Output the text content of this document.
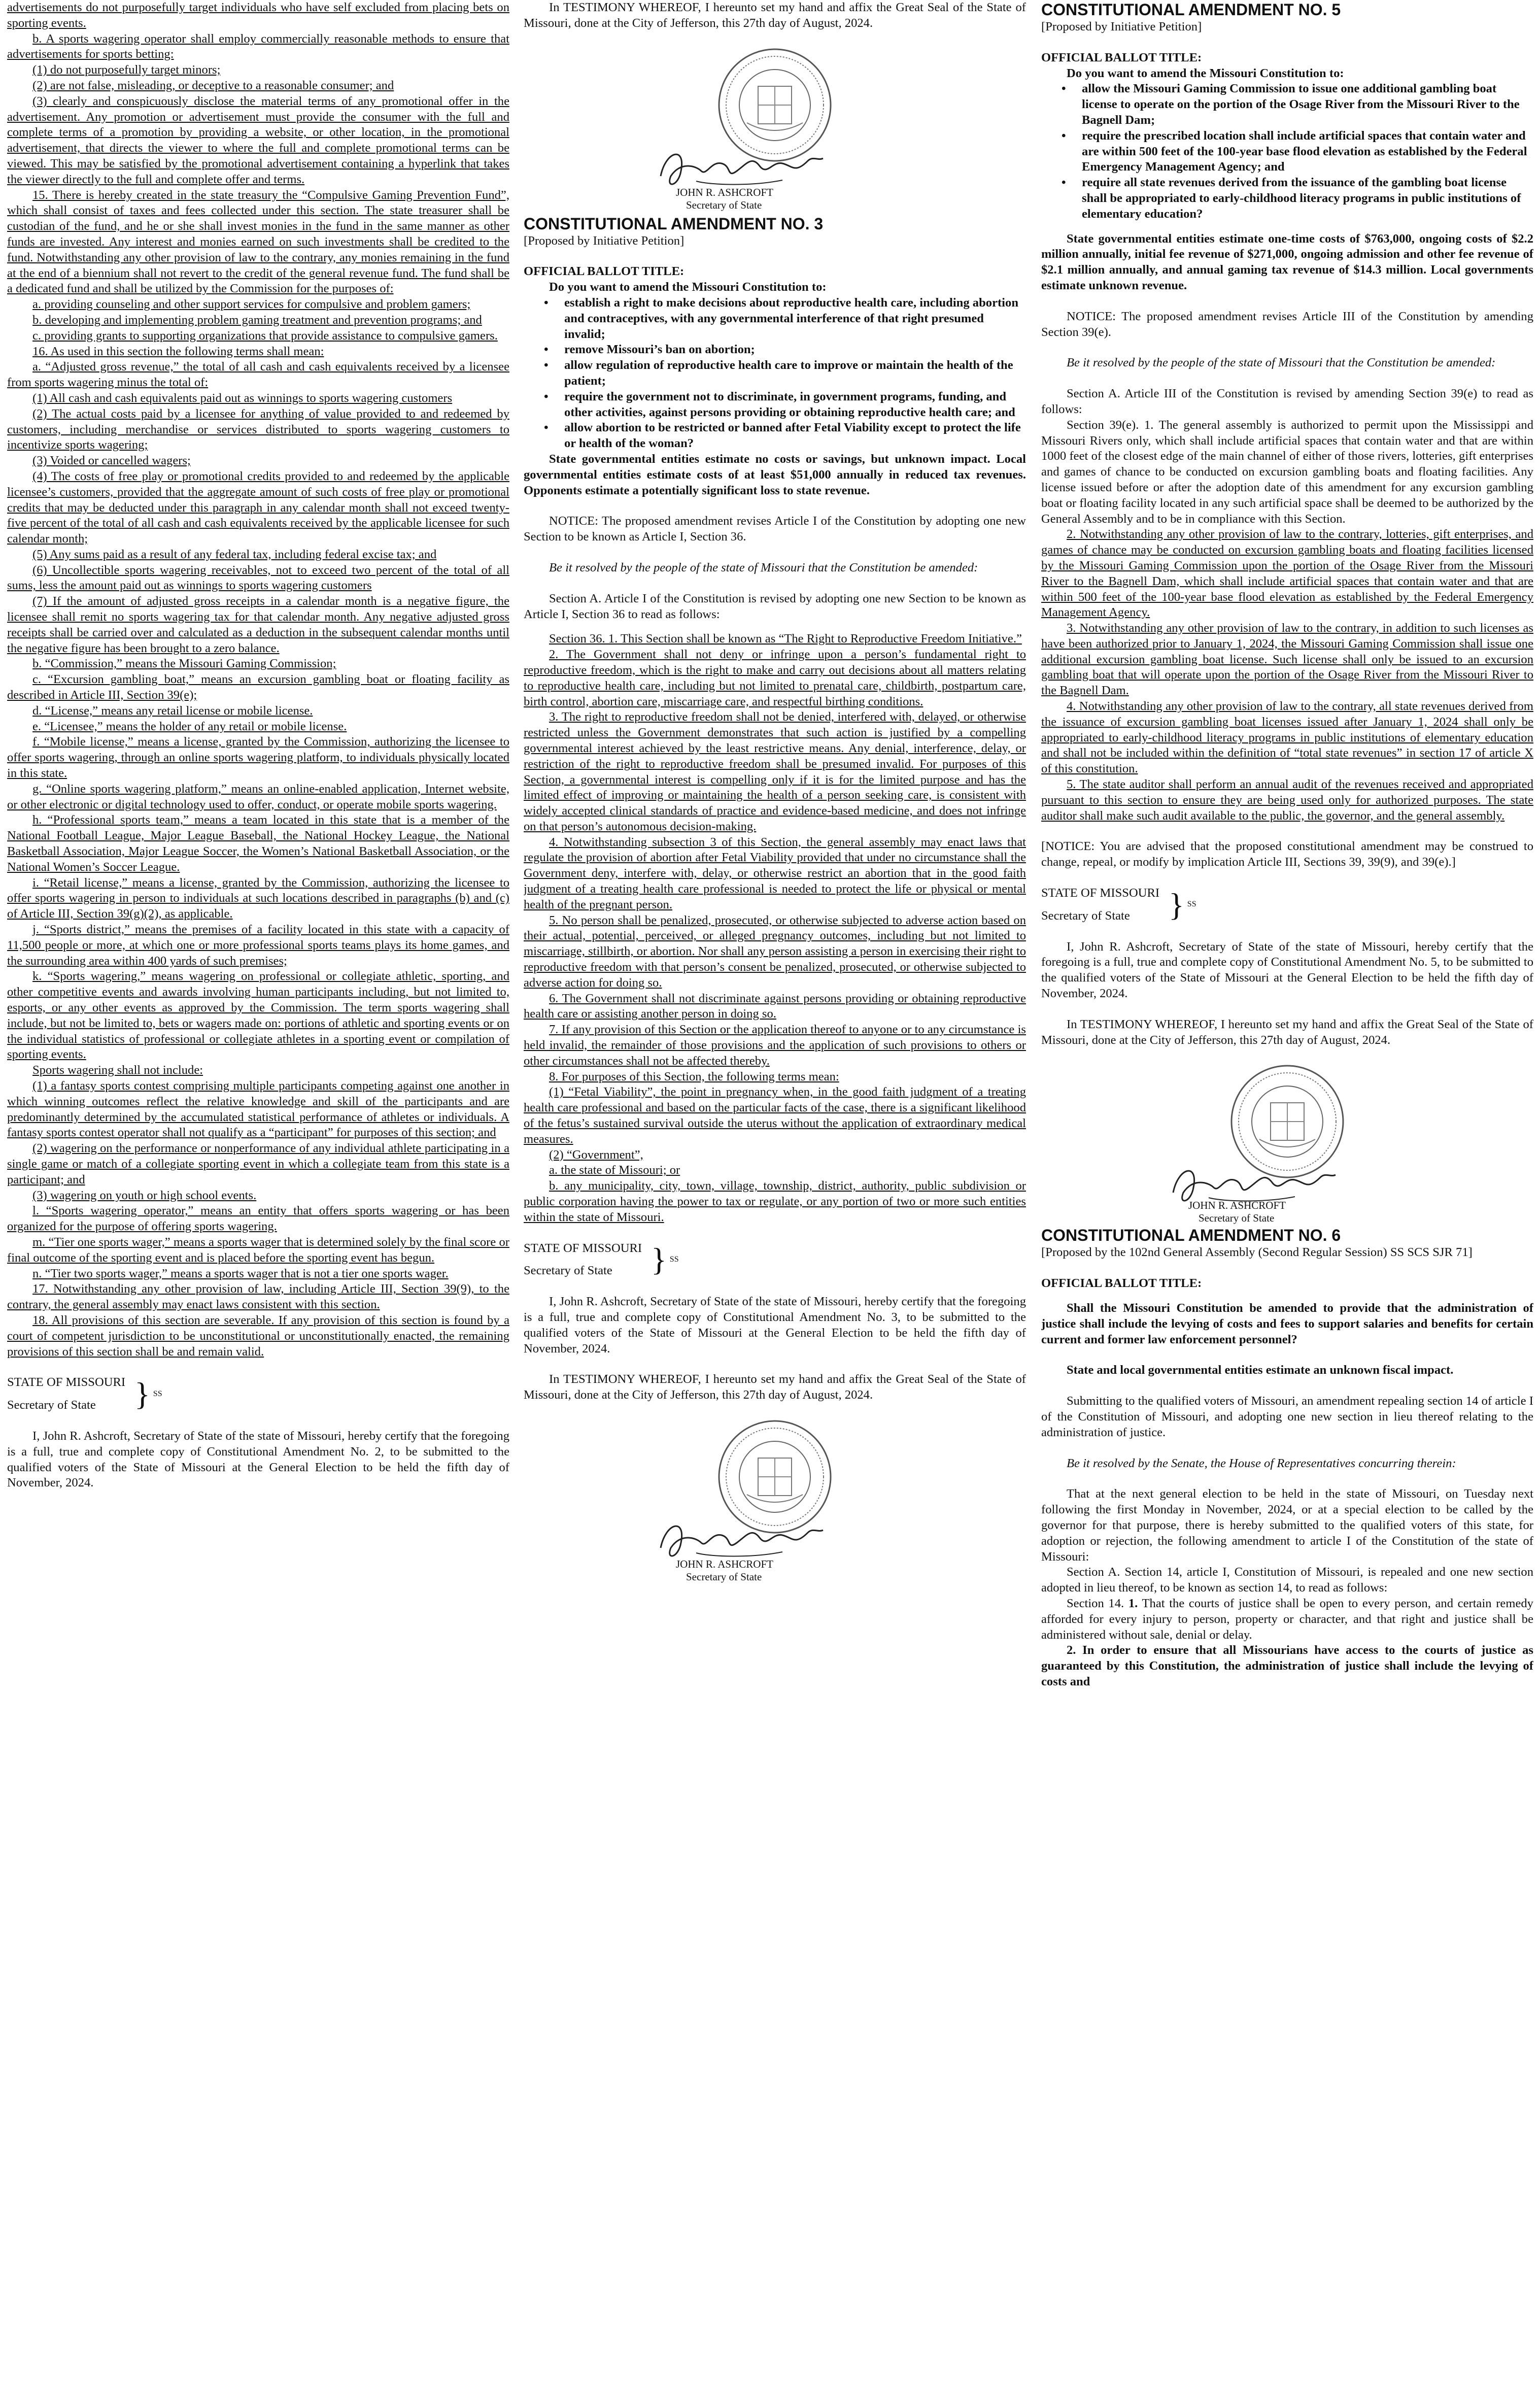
advertisements do not purposefully target individuals who have self excluded from placing bets on sporting events.
b. A sports wagering operator shall employ commercially reasonable methods to ensure that advertisements for sports betting:
(1) do not purposefully target minors;
(2) are not false, misleading, or deceptive to a reasonable consumer; and
(3) clearly and conspicuously disclose the material terms of any promotional offer in the advertisement. Any promotion or advertisement must provide the consumer with the full and complete terms of a promotion by providing a website, or other location, in the promotional advertisement, that directs the viewer to where the full and complete promotional terms can be viewed. This may be satisfied by the promotional advertisement containing a hyperlink that takes the viewer directly to the full and complete offer and terms.
15. There is hereby created in the state treasury the “Compulsive Gaming Prevention Fund”, which shall consist of taxes and fees collected under this section. The state treasurer shall be custodian of the fund, and he or she shall invest monies in the fund in the same manner as other funds are invested. Any interest and monies earned on such investments shall be credited to the fund. Notwithstanding any other provision of law to the contrary, any monies remaining in the fund at the end of a biennium shall not revert to the credit of the general revenue fund. The fund shall be a dedicated fund and shall be utilized by the Commission for the purposes of:
a. providing counseling and other support services for compulsive and problem gamers;
b. developing and implementing problem gaming treatment and prevention programs; and
c. providing grants to supporting organizations that provide assistance to compulsive gamers.
16. As used in this section the following terms shall mean:
a. “Adjusted gross revenue,” the total of all cash and cash equivalents received by a licensee from sports wagering minus the total of:
(1) All cash and cash equivalents paid out as winnings to sports wagering customers
(2) The actual costs paid by a licensee for anything of value provided to and redeemed by customers, including merchandise or services distributed to sports wagering customers to incentivize sports wagering;
(3) Voided or cancelled wagers;
(4) The costs of free play or promotional credits provided to and redeemed by the applicable licensee’s customers, provided that the aggregate amount of such costs of free play or promotional credits that may be deducted under this paragraph in any calendar month shall not exceed twenty-five percent of the total of all cash and cash equivalents received by the applicable licensee for such calendar month;
(5) Any sums paid as a result of any federal tax, including federal excise tax; and
(6) Uncollectible sports wagering receivables, not to exceed two percent of the total of all sums, less the amount paid out as winnings to sports wagering customers
(7) If the amount of adjusted gross receipts in a calendar month is a negative figure, the licensee shall remit no sports wagering tax for that calendar month. Any negative adjusted gross receipts shall be carried over and calculated as a deduction in the subsequent calendar months until the negative figure has been brought to a zero balance.
b. “Commission,” means the Missouri Gaming Commission;
c. “Excursion gambling boat,” means an excursion gambling boat or floating facility as described in Article III, Section 39(e);
d. “License,” means any retail license or mobile license.
e. “Licensee,” means the holder of any retail or mobile license.
f. “Mobile license,” means a license, granted by the Commission, authorizing the licensee to offer sports wagering, through an online sports wagering platform, to individuals physically located in this state.
g. “Online sports wagering platform,” means an online-enabled application, Internet website, or other electronic or digital technology used to offer, conduct, or operate mobile sports wagering.
h. “Professional sports team,” means a team located in this state that is a member of the National Football League, Major League Baseball, the National Hockey League, the National Basketball Association, Major League Soccer, the Women’s National Basketball Association, or the National Women’s Soccer League.
i. “Retail license,” means a license, granted by the Commission, authorizing the licensee to offer sports wagering in person to individuals at such locations described in paragraphs (b) and (c) of Article III, Section 39(g)(2), as applicable.
j. “Sports district,” means the premises of a facility located in this state with a capacity of 11,500 people or more, at which one or more professional sports teams plays its home games, and the surrounding area within 400 yards of such premises;
k. “Sports wagering,” means wagering on professional or collegiate athletic, sporting, and other competitive events and awards involving human participants including, but not limited to, esports, or any other events as approved by the Commission. The term sports wagering shall include, but not be limited to, bets or wagers made on: portions of athletic and sporting events or on the individual statistics of professional or collegiate athletes in a sporting event or compilation of sporting events.
Sports wagering shall not include:
(1) a fantasy sports contest comprising multiple participants competing against one another in which winning outcomes reflect the relative knowledge and skill of the participants and are predominantly determined by the accumulated statistical performance of athletes or individuals. A fantasy sports contest operator shall not qualify as a “participant” for purposes of this section; and
(2) wagering on the performance or nonperformance of any individual athlete participating in a single game or match of a collegiate sporting event in which a collegiate team from this state is a participant; and
(3) wagering on youth or high school events.
l. “Sports wagering operator,” means an entity that offers sports wagering or has been organized for the purpose of offering sports wagering.
m. “Tier one sports wager,” means a sports wager that is determined solely by the final score or final outcome of the sporting event and is placed before the sporting event has begun.
n. “Tier two sports wager,” means a sports wager that is not a tier one sports wager.
17. Notwithstanding any other provision of law, including Article III, Section 39(9), to the contrary, the general assembly may enact laws consistent with this section.
18. All provisions of this section are severable. If any provision of this section is found by a court of competent jurisdiction to be unconstitutional or unconstitutionally enacted, the remaining provisions of this section shall be and remain valid.
STATE OF MISSOURI
Secretary of State	} SS
I, John R. Ashcroft, Secretary of State of the state of Missouri, hereby certify that the foregoing is a full, true and complete copy of Constitutional Amendment No. 2, to be submitted to the qualified voters of the State of Missouri at the General Election to be held the fifth day of November, 2024.
In TESTIMONY WHEREOF, I hereunto set my hand and affix the Great Seal of the State of Missouri, done at the City of Jefferson, this 27th day of August, 2024.
JOHN R. ASHCROFT
Secretary of State
CONSTITUTIONAL AMENDMENT NO. 3
[Proposed by Initiative Petition]
OFFICIAL BALLOT TITLE:
Do you want to amend the Missouri Constitution to:
• establish a right to make decisions about reproductive health care, including abortion and contraceptives, with any governmental interference of that right presumed invalid;
• remove Missouri’s ban on abortion;
• allow regulation of reproductive health care to improve or maintain the health of the patient;
• require the government not to discriminate, in government programs, funding, and other activities, against persons providing or obtaining reproductive health care; and
• allow abortion to be restricted or banned after Fetal Viability except to protect the life or health of the woman?
State governmental entities estimate no costs or savings, but unknown impact. Local governmental entities estimate costs of at least $51,000 annually in reduced tax revenues. Opponents estimate a potentially significant loss to state revenue.
NOTICE: The proposed amendment revises Article I of the Constitution by adopting one new Section to be known as Article I, Section 36.
Be it resolved by the people of the state of Missouri that the Constitution be amended:
Section A. Article I of the Constitution is revised by adopting one new Section to be known as Article I, Section 36 to read as follows:
Section 36. 1. This Section shall be known as “The Right to Reproductive Freedom Initiative.”
2. The Government shall not deny or infringe upon a person’s fundamental right to reproductive freedom, which is the right to make and carry out decisions about all matters relating to reproductive health care, including but not limited to prenatal care, childbirth, postpartum care, birth control, abortion care, miscarriage care, and respectful birthing conditions.
3. The right to reproductive freedom shall not be denied, interfered with, delayed, or otherwise restricted unless the Government demonstrates that such action is justified by a compelling governmental interest achieved by the least restrictive means. Any denial, interference, delay, or restriction of the right to reproductive freedom shall be presumed invalid. For purposes of this Section, a governmental interest is compelling only if it is for the limited purpose and has the limited effect of improving or maintaining the health of a person seeking care, is consistent with widely accepted clinical standards of practice and evidence-based medicine, and does not infringe on that person’s autonomous decision-making.
4. Notwithstanding subsection 3 of this Section, the general assembly may enact laws that regulate the provision of abortion after Fetal Viability provided that under no circumstance shall the Government deny, interfere with, delay, or otherwise restrict an abortion that in the good faith judgment of a treating health care professional is needed to protect the life or physical or mental health of the pregnant person.
5. No person shall be penalized, prosecuted, or otherwise subjected to adverse action based on their actual, potential, perceived, or alleged pregnancy outcomes, including but not limited to miscarriage, stillbirth, or abortion. Nor shall any person assisting a person in exercising their right to reproductive freedom with that person’s consent be penalized, prosecuted, or otherwise subjected to adverse action for doing so.
6. The Government shall not discriminate against persons providing or obtaining reproductive health care or assisting another person in doing so.
7. If any provision of this Section or the application thereof to anyone or to any circumstance is held invalid, the remainder of those provisions and the application of such provisions to others or other circumstances shall not be affected thereby.
8. For purposes of this Section, the following terms mean:
(1) “Fetal Viability”, the point in pregnancy when, in the good faith judgment of a treating health care professional and based on the particular facts of the case, there is a significant likelihood of the fetus’s sustained survival outside the uterus without the application of extraordinary medical measures.
(2) “Government”,
a. the state of Missouri; or
b. any municipality, city, town, village, township, district, authority, public subdivision or public corporation having the power to tax or regulate, or any portion of two or more such entities within the state of Missouri.
STATE OF MISSOURI
Secretary of State	} SS
I, John R. Ashcroft, Secretary of State of the state of Missouri, hereby certify that the foregoing is a full, true and complete copy of Constitutional Amendment No. 3, to be submitted to the qualified voters of the State of Missouri at the General Election to be held the fifth day of November, 2024.
In TESTIMONY WHEREOF, I hereunto set my hand and affix the Great Seal of the State of Missouri, done at the City of Jefferson, this 27th day of August, 2024.
JOHN R. ASHCROFT
Secretary of State
CONSTITUTIONAL AMENDMENT NO. 5
[Proposed by Initiative Petition]
OFFICIAL BALLOT TITLE:
Do you want to amend the Missouri Constitution to:
• allow the Missouri Gaming Commission to issue one additional gambling boat license to operate on the portion of the Osage River from the Missouri River to the Bagnell Dam;
• require the prescribed location shall include artificial spaces that contain water and are within 500 feet of the 100-year base flood elevation as established by the Federal Emergency Management Agency; and
• require all state revenues derived from the issuance of the gambling boat license shall be appropriated to early-childhood literacy programs in public institutions of elementary education?
State governmental entities estimate one-time costs of $763,000, ongoing costs of $2.2 million annually, initial fee revenue of $271,000, ongoing admission and other fee revenue of $2.1 million annually, and annual gaming tax revenue of $14.3 million. Local governments estimate unknown revenue.
NOTICE: The proposed amendment revises Article III of the Constitution by amending Section 39(e).
Be it resolved by the people of the state of Missouri that the Constitution be amended:
Section A. Article III of the Constitution is revised by amending Section 39(e) to read as follows:
Section 39(e). 1. The general assembly is authorized to permit upon the Mississippi and Missouri Rivers only, which shall include artificial spaces that contain water and that are within 1000 feet of the closest edge of the main channel of either of those rivers, lotteries, gift enterprises and games of chance to be conducted on excursion gambling boats and floating facilities. Any license issued before or after the adoption date of this amendment for any excursion gambling boat or floating facility located in any such artificial space shall be deemed to be authorized by the General Assembly and to be in compliance with this Section.
2. Notwithstanding any other provision of law to the contrary, lotteries, gift enterprises, and games of chance may be conducted on excursion gambling boats and floating facilities licensed by the Missouri Gaming Commission upon the portion of the Osage River from the Missouri River to the Bagnell Dam, which shall include artificial spaces that contain water and that are within 500 feet of the 100-year base flood elevation as established by the Federal Emergency Management Agency.
3. Notwithstanding any other provision of law to the contrary, in addition to such licenses as have been authorized prior to January 1, 2024, the Missouri Gaming Commission shall issue one additional excursion gambling boat license. Such license shall only be issued to an excursion gambling boat that will operate upon the portion of the Osage River from the Missouri River to the Bagnell Dam.
4. Notwithstanding any other provision of law to the contrary, all state revenues derived from the issuance of excursion gambling boat licenses issued after January 1, 2024 shall only be appropriated to early-childhood literacy programs in public institutions of elementary education and shall not be included within the definition of “total state revenues” in section 17 of article X of this constitution.
5. The state auditor shall perform an annual audit of the revenues received and appropriated pursuant to this section to ensure they are being used only for authorized purposes. The state auditor shall make such audit available to the public, the governor, and the general assembly.
[NOTICE: You are advised that the proposed constitutional amendment may be construed to change, repeal, or modify by implication Article III, Sections 39, 39(9), and 39(e).]
STATE OF MISSOURI
Secretary of State	} SS
I, John R. Ashcroft, Secretary of State of the state of Missouri, hereby certify that the foregoing is a full, true and complete copy of Constitutional Amendment No. 5, to be submitted to the qualified voters of the State of Missouri at the General Election to be held the fifth day of November, 2024.
In TESTIMONY WHEREOF, I hereunto set my hand and affix the Great Seal of the State of Missouri, done at the City of Jefferson, this 27th day of August, 2024.
JOHN R. ASHCROFT
Secretary of State
CONSTITUTIONAL AMENDMENT NO. 6
[Proposed by the 102nd General Assembly (Second Regular Session) SS SCS SJR 71]
OFFICIAL BALLOT TITLE:
Shall the Missouri Constitution be amended to provide that the administration of justice shall include the levying of costs and fees to support salaries and benefits for certain current and former law enforcement personnel?
State and local governmental entities estimate an unknown fiscal impact.
Submitting to the qualified voters of Missouri, an amendment repealing section 14 of article I of the Constitution of Missouri, and adopting one new section in lieu thereof relating to the administration of justice.
Be it resolved by the Senate, the House of Representatives concurring therein:
That at the next general election to be held in the state of Missouri, on Tuesday next following the first Monday in November, 2024, or at a special election to be called by the governor for that purpose, there is hereby submitted to the qualified voters of this state, for adoption or rejection, the following amendment to article I of the Constitution of the state of Missouri:
Section A. Section 14, article I, Constitution of Missouri, is repealed and one new section adopted in lieu thereof, to be known as section 14, to read as follows:
Section 14. 1. That the courts of justice shall be open to every person, and certain remedy afforded for every injury to person, property or character, and that right and justice shall be administered without sale, denial or delay.
2. In order to ensure that all Missourians have access to the courts of justice as guaranteed by this Constitution, the administration of justice shall include the levying of costs and
